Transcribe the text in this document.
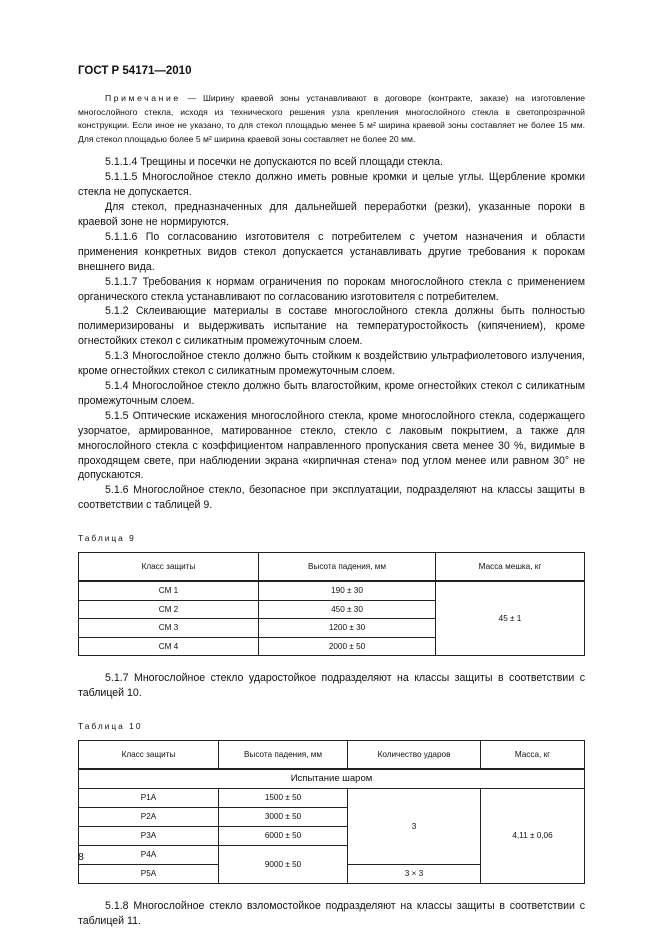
ГОСТ Р 54171—2010
Примечание — Ширину краевой зоны устанавливают в договоре (контракте, заказе) на изготовление многослойного стекла, исходя из технического решения узла крепления многослойного стекла в светопрозрачной конструкции. Если иное не указано, то для стекол площадью менее 5 м² ширина краевой зоны составляет не более 15 мм. Для стекол площадью более 5 м² ширина краевой зоны составляет не более 20 мм.

5.1.1.4 Трещины и посечки не допускаются по всей площади стекла.

5.1.1.5 Многослойное стекло должно иметь ровные кромки и целые углы. Щербление кромки стекла не допускается.

Для стекол, предназначенных для дальнейшей переработки (резки), указанные пороки в краевой зоне не нормируются.

5.1.1.6 По согласованию изготовителя с потребителем с учетом назначения и области применения конкретных видов стекол допускается устанавливать другие требования к порокам внешнего вида.

5.1.1.7 Требования к нормам ограничения по порокам многослойного стекла с применением органического стекла устанавливают по согласованию изготовителя с потребителем.

5.1.2 Склеивающие материалы в составе многослойного стекла должны быть полностью полимеризированы и выдерживать испытание на температуростойкость (кипячением), кроме огнестойких стекол с силикатным промежуточным слоем.

5.1.3 Многослойное стекло должно быть стойким к воздействию ультрафиолетового излучения, кроме огнестойких стекол с силикатным промежуточным слоем.

5.1.4 Многослойное стекло должно быть влагостойким, кроме огнестойких стекол с силикатным промежуточным слоем.

5.1.5 Оптические искажения многослойного стекла, кроме многослойного стекла, содержащего узорчатое, армированное, матированное стекло, стекло с лаковым покрытием, а также для многослойного стекла с коэффициентом направленного пропускания света менее 30 %, видимые в проходящем свете, при наблюдении экрана «кирпичная стена» под углом менее или равном 30° не допускаются.

5.1.6 Многослойное стекло, безопасное при эксплуатации, подразделяют на классы защиты в соответствии с таблицей 9.

Таблица 9
Класс защиты	Высота падения, мм	Масса мешка, кг
СМ 1	190 ± 30	45 ± 1
СМ 2	450 ± 30	
СМ 3	1200 ± 30	
СМ 4	2000 ± 50	

5.1.7 Многослойное стекло ударостойкое подразделяют на классы защиты в соответствии с таблицей 10.

Таблица 10
Класс защиты	Высота падения, мм	Количество ударов	Масса, кг
Испытание шаром			
Р1А	1500 ± 50	3	4,11 ± 0,06
Р2А	3000 ± 50		
Р3А	6000 ± 50		
Р4А	9000 ± 50		
Р5А		3 × 3	

5.1.8 Многослойное стекло взломостойкое подразделяют на классы защиты в соответствии с таблицей 11.

8
